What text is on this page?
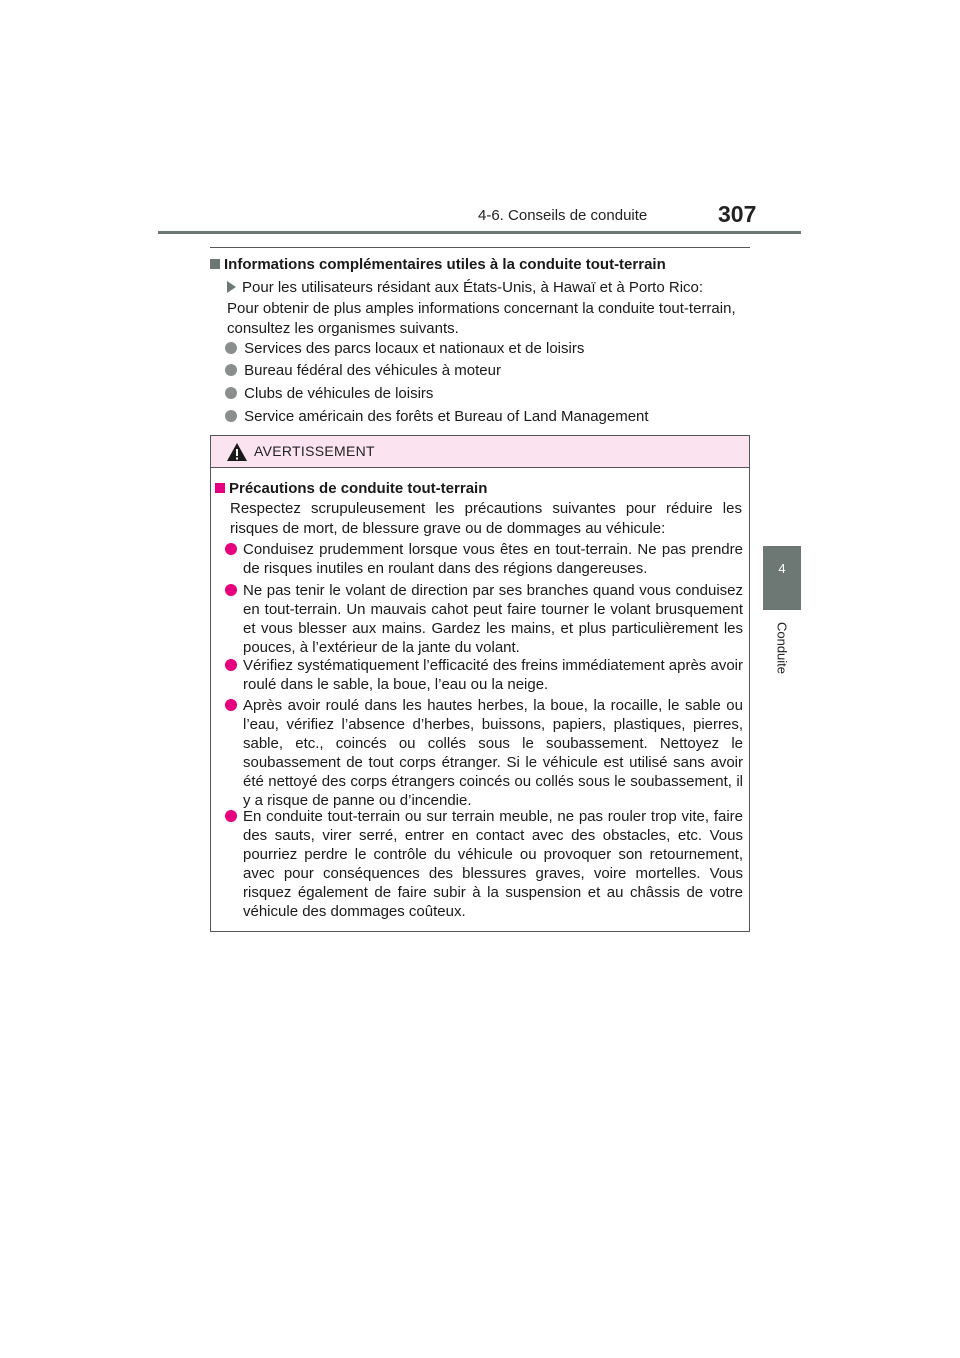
4-6. Conseils de conduite	307
4
Conduite
Informations complémentaires utiles à la conduite tout-terrain
Pour les utilisateurs résidant aux États-Unis, à Hawaï et à Porto Rico:
Pour obtenir de plus amples informations concernant la conduite tout-terrain, consultez les organismes suivants.
Services des parcs locaux et nationaux et de loisirs
Bureau fédéral des véhicules à moteur
Clubs de véhicules de loisirs
Service américain des forêts et Bureau of Land Management
AVERTISSEMENT
Précautions de conduite tout-terrain
Respectez scrupuleusement les précautions suivantes pour réduire les risques de mort, de blessure grave ou de dommages au véhicule:
Conduisez prudemment lorsque vous êtes en tout-terrain. Ne pas prendre de risques inutiles en roulant dans des régions dangereuses.
Ne pas tenir le volant de direction par ses branches quand vous conduisez en tout-terrain. Un mauvais cahot peut faire tourner le volant brusquement et vous blesser aux mains. Gardez les mains, et plus particulièrement les pouces, à l’extérieur de la jante du volant.
Vérifiez systématiquement l’efficacité des freins immédiatement après avoir roulé dans le sable, la boue, l’eau ou la neige.
Après avoir roulé dans les hautes herbes, la boue, la rocaille, le sable ou l’eau, vérifiez l’absence d’herbes, buissons, papiers, plastiques, pierres, sable, etc., coincés ou collés sous le soubassement. Nettoyez le soubassement de tout corps étranger. Si le véhicule est utilisé sans avoir été nettoyé des corps étrangers coincés ou collés sous le soubassement, il y a risque de panne ou d’incendie.
En conduite tout-terrain ou sur terrain meuble, ne pas rouler trop vite, faire des sauts, virer serré, entrer en contact avec des obstacles, etc. Vous pourriez perdre le contrôle du véhicule ou provoquer son retournement, avec pour conséquences des blessures graves, voire mortelles. Vous risquez également de faire subir à la suspension et au châssis de votre véhicule des dommages coûteux.
